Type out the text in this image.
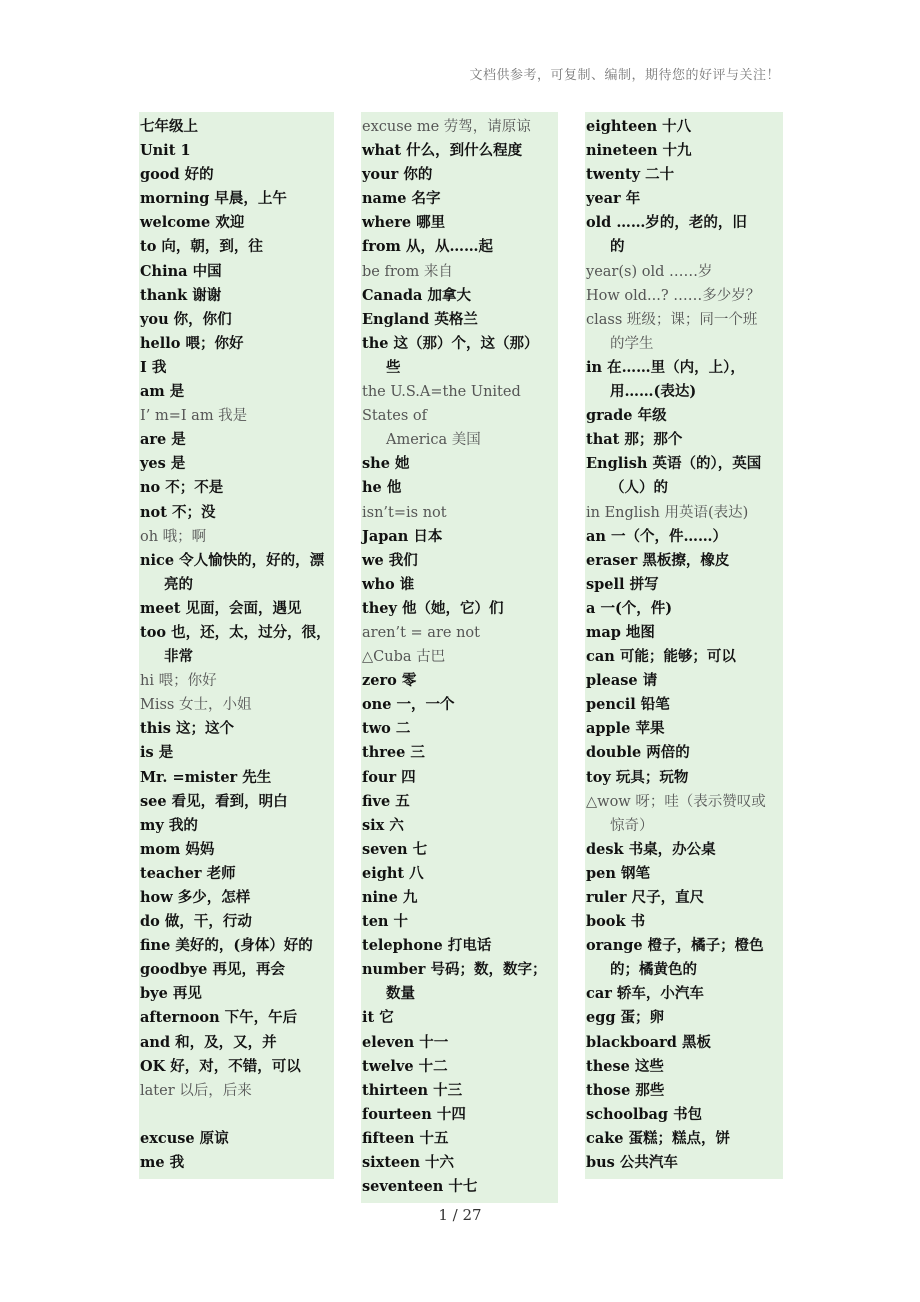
文档供参考，可复制、编制，期待您的好评与关注！
七年级上
Unit 1
good 好的
morning 早晨，上午
welcome 欢迎
to 向，朝，到，往
China 中国
thank 谢谢
you 你，你们
hello 喂；你好
I 我
am 是
I’ m=I am 我是
are 是
yes 是
no 不；不是
not 不；没
oh 哦；啊
nice 令人愉快的，好的，漂
亮的
meet 见面，会面，遇见
too 也，还，太，过分，很，
非常
hi 喂；你好
Miss 女士，小姐
this 这；这个
is 是
Mr. =mister 先生
see 看见，看到，明白
my 我的
mom 妈妈
teacher 老师
how 多少，怎样
do 做，干，行动
fine 美好的，(身体）好的
goodbye 再见，再会
bye 再见
afternoon 下午，午后
and 和，及，又，并
OK 好，对，不错，可以
later 以后，后来
excuse 原谅
me 我
excuse me 劳驾，请原谅
what 什么，到什么程度
your 你的
name 名字
where 哪里
from 从，从……起
be from 来自
Canada 加拿大
England 英格兰
the 这（那）个，这（那）
些
the U.S.A=the United States of
America 美国
she 她
he 他
isn’t=is not
Japan 日本
we 我们
who 谁
they 他（她，它）们
aren’t = are not
△Cuba 古巴
zero 零
one 一，一个
two 二
three 三
four 四
five 五
six 六
seven 七
eight 八
nine 九
ten 十
telephone 打电话
number 号码；数，数字；
数量
it 它
eleven 十一
twelve 十二
thirteen 十三
fourteen 十四
fifteen 十五
sixteen 十六
seventeen 十七
eighteen 十八
nineteen 十九
twenty 二十
year 年
old ……岁的，老的，旧
的
year(s) old ……岁
How old...? ……多少岁？
class 班级；课；同一个班
的学生
in 在……里（内，上），
用……(表达)
grade 年级
that 那；那个
English 英语（的），英国
（人）的
in English 用英语(表达)
an 一（个，件……）
eraser 黑板擦，橡皮
spell 拼写
a 一(个，件)
map 地图
can 可能；能够；可以
please 请
pencil 铅笔
apple 苹果
double 两倍的
toy 玩具；玩物
△wow 呀；哇（表示赞叹或
惊奇）
desk 书桌，办公桌
pen 钢笔
ruler 尺子，直尺
book 书
orange 橙子，橘子；橙色
的；橘黄色的
car 轿车，小汽车
egg 蛋；卵
blackboard 黑板
these 这些
those 那些
schoolbag 书包
cake 蛋糕；糕点，饼
bus 公共汽车
1 / 27
